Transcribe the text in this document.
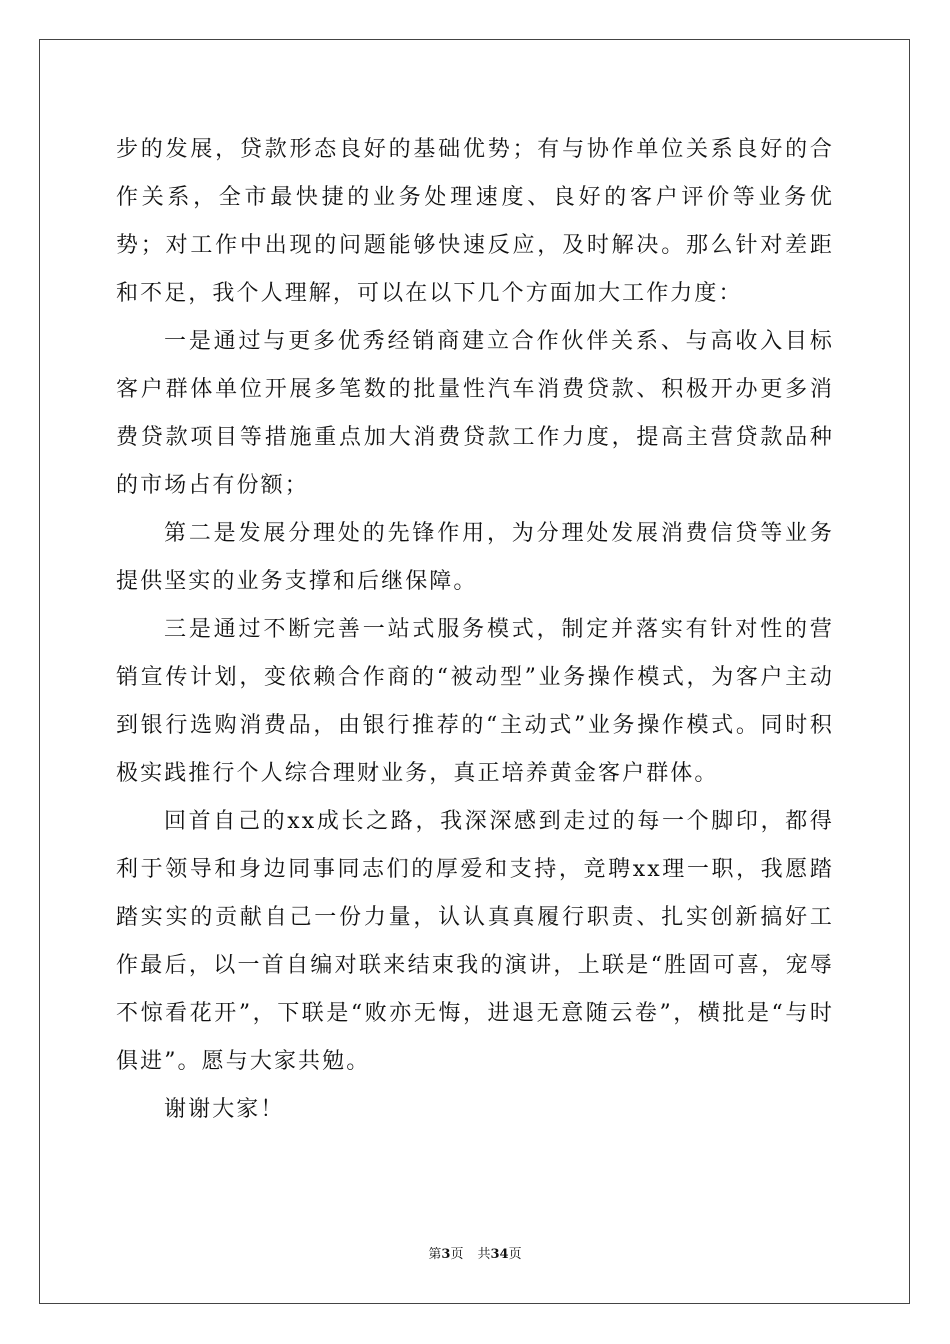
步的发展，贷款形态良好的基础优势；有与协作单位关系良好的合作关系，全市最快捷的业务处理速度、良好的客户评价等业务优势；对工作中出现的问题能够快速反应，及时解决。那么针对差距和不足，我个人理解，可以在以下几个方面加大工作力度：

一是通过与更多优秀经销商建立合作伙伴关系、与高收入目标客户群体单位开展多笔数的批量性汽车消费贷款、积极开办更多消费贷款项目等措施重点加大消费贷款工作力度，提高主营贷款品种的市场占有份额；

第二是发展分理处的先锋作用，为分理处发展消费信贷等业务提供坚实的业务支撑和后继保障。

三是通过不断完善一站式服务模式，制定并落实有针对性的营销宣传计划，变依赖合作商的“被动型”业务操作模式，为客户主动到银行选购消费品，由银行推荐的“主动式”业务操作模式。同时积极实践推行个人综合理财业务，真正培养黄金客户群体。

回首自己的xx成长之路，我深深感到走过的每一个脚印，都得利于领导和身边同事同志们的厚爱和支持，竞聘xx理一职，我愿踏踏实实的贡献自己一份力量，认认真真履行职责、扎实创新搞好工作最后，以一首自编对联来结束我的演讲，上联是“胜固可喜，宠辱不惊看花开”，下联是“败亦无悔，进退无意随云卷”，横批是“与时俱进”。愿与大家共勉。

谢谢大家！

第3页 共34页
